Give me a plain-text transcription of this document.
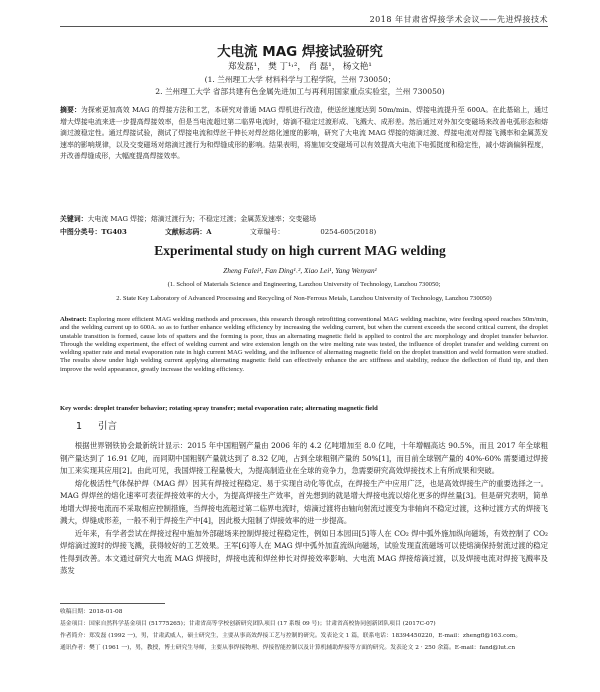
2018 年甘肃省焊接学术会议——先进焊接技术
大电流 MAG 焊接试验研究
郑发磊¹， 樊 丁¹˒²， 肖 磊¹， 杨文艳¹
(1. 兰州理工大学 材料科学与工程学院，兰州 730050；
2. 兰州理工大学 省部共建有色金属先进加工与再利用国家重点实验室，兰州 730050)
摘要：为探索更加高效 MAG 的焊接方法和工艺，本研究对普通 MAG 焊机进行改造，使送丝速度达到 50m/min、焊接电流提升至 600A。在此基础上，通过增大焊接电流来进一步提高焊接效率，但是当电流超过第二临界电流时，熔滴不稳定过渡形成、飞溅大、成形差。然后通过对外加交变磁场来改善电弧形态和熔滴过渡稳定性。通过焊接试验，测试了焊接电流和焊丝干伸长对焊丝熔化速度的影响，研究了大电流 MAG 焊接的熔滴过渡、焊接电流对焊接飞溅率和金属蒸发速率的影响规律，以及交变磁场对熔滴过渡行为和焊缝成形的影响。结果表明，将施加交变磁场可以有效提高大电流下电弧挺度和稳定性，减小熔滴偏斜程度，并改善焊缝成形，大幅度提高焊接效率。
关键词：大电流 MAG 焊接；熔滴过渡行为；不稳定过渡；金属蒸发速率；交变磁场
中图分类号：TG403	文献标志码：A	文章编号：	0254-605(2018)
Experimental study on high current MAG welding
Zheng Falei¹, Fan Ding¹˒², Xiao Lei¹, Yang Wenyan¹
(1. School of Materials Science and Engineering, Lanzhou University of Technology, Lanzhou 730050;
2. State Key Laboratory of Advanced Processing and Recycling of Non-Ferrous Metals, Lanzhou University of Technology, Lanzhou 730050)
Abstract: Exploring more efficient MAG welding methods and processes, this research through retrofitting conventional MAG welding machine, wire feeding speed reaches 50m/min, and the welding current up to 600A. so as to further enhance welding efficiency by increasing the welding current, but when the current exceeds the second critical current, the droplet unstable transition is formed, cause lots of spatters and the forming is poor, thus an alternating magnetic field is applied to control the arc morphology and droplet transfer behavior. Through the welding experiment, the effect of welding current and wire extension length on the wire melting rate was tested, the influence of droplet transfer and welding current on welding spatter rate and metal evaporation rate in high current MAG welding, and the influence of alternating magnetic field on the droplet transition and weld formation were studied. The results show under high welding current applying alternating magnetic field can effectively enhance the arc stiffness and stability, reduce the deflection of fluid tip, and then improve the weld appearance, greatly increase the welding efficiency.
Key words: droplet transfer behavior; rotating spray transfer; metal evaporation rate; alternating magnetic field
1 引言

根据世界钢铁协会最新统计显示：2015 年中国粗钢产量由 2006 年的 4.2 亿吨增加至 8.0 亿吨，十年增幅高达 90.5%，而且 2017 年全球粗钢产量达到了 16.91 亿吨，而同期中国粗钢产量就达到了 8.32 亿吨，占到全球粗钢产量的 50%[1]，而目前全球钢产量的 40%-60% 需要通过焊接加工来实现其应用[2]。由此可见，我国焊接工程量极大，为提高制造业在全球的竞争力，急需要研究高效焊接技术上有所成果和突破。

熔化极活性气体保护焊（MAG 焊）因其有焊接过程稳定、易于实现自动化等优点，在焊接生产中应用广泛，也是高效焊接生产的重要选择之一。MAG 焊焊丝的熔化速率可表征焊接效率的大小，为提高焊接生产效率，首先想到的就是增大焊接电流以熔化更多的焊丝量[3]。但是研究表明，简单地增大焊接电流而不采取相应控制措施，当焊接电流超过第二临界电流时，熔滴过渡将由轴向射流过渡变为非轴向不稳定过渡，这种过渡方式的焊接飞溅大，焊缝成形差，一般不利于焊接生产中[4]，因此极大阻制了焊接效率的进一步提高。

近年来，有学者尝试在焊接过程中施加外部磁场来控制焊接过程稳定性，例如日本园田[5]等人在 CO₂ 焊中弧外施加纵向磁场，有效控制了 CO₂ 焊熔滴过渡时的焊接飞溅，获得较好的工艺效果。王军[6]等人在 MAG 焊中弧外加直流纵向磁场，试验发现直流磁场可以使熔滴保持射流过渡的稳定性得到改善。本文通过研究大电流 MAG 焊接时，焊接电流和焊丝伸长对焊接效率影响、大电流 MAG 焊接熔滴过渡，以及焊接电流对焊接飞溅率及蒸发

收稿日期：2018-01-08
基金项目：国家自然科学基金项目 (51775265)；甘肃省高等学校创新研究团队项目 (17 系级 09 号)；甘肃省高校协同创新团队项目 (2017C-07)
作者简介：郑发磊 (1992 一)，男，甘肃武威人，硕士研究生，主要从事高效焊接工艺与控制的研究。发表论文 1 篇，联系电话：18394450220，E-mail：zhengfl@163.com。
通讯作者：樊丁 (1961 一)，男，教授，博士研究生导师，主要从事焊接物理、焊接智能控制以及计算机辅助焊接等方面的研究。发表论文 2 · 250 余篇。E-mail：fand@lut.cn
